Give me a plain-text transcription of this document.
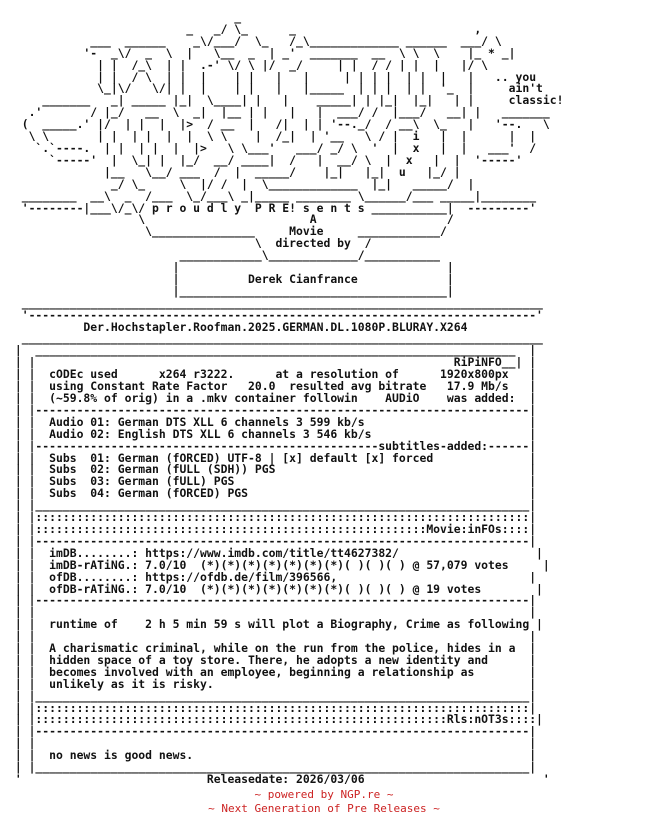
_
_   _/ \_      _                          ,
___  ______    _\/___/  \_   /_\_____________ ______  ___/ \
'-  _\/  _  \  |   \__  _  | _'  _______  __  \ \  \    |_ * _|
| |  /_\  | |  .-' \/ \ |/  _/     | |  / / | |  |   |/ \
| |  / \  | |  |    | |   |   |     | | | |  | |  |   |   .. you
\_|\/   \/| |  |    | |   |   |_____  | | |  | |  '_  |     ain't
_______   _| _____ |_|  \____| |   |    _____| | |_|  |_|   | |     classic!
.'       / |_/   __  \  _|  |__ | |   |   |  ___/ /  |___/   __| |   _______
(  _____.' |/  | |  |  |>  / __  |   /|  | | '--._/  / __\  \_   |   '--.   \
\ \       | |  | |  |  |  \ \    |  /_|  | '__   \ / |  i   |  |      |  |
`.`----.  | |  | |  |  |>   \ \___'   ___/ _/ \  '  |  x   |  |   ___'  /
`-----'  |  \_| |  |_/  __/ ____|  /   |  __/ \  |  x   |  |  '-----'
|__   \__/ ___  /  |  _____/    |_|   |_|  u   |_/ |
_/ \_     \  |/ /  |  \_____________  |_|   _____/  |
________  __\  _  /___  \_/___\ _|_____ ________ \______/___ _____|________
'--------|___\/_\/ p r o u d l y  P R E! s e n t s ___________|  ---------'
\                        A                   /
\_______________     Movie     ____________/
\  directed by  /
____________\_____________/___________
|                                       |
|          Derek Cianfrance             |
|_______________________________________|
____________________________________________________________________________
'--------------------------------------------------------------------------'
Der.Hochstapler.Roofman.2025.GERMAN.DL.1080P.BLURAY.X264
____________________________________________________________________________
|  ______________________________________________________________________  |
| |                                                             RiPiNFO__| |
| |  cODEc used      x264 r3222.      at a resolution of      1920x800px   |
| |  using Constant Rate Factor   20.0  resulted avg bitrate   17.9 Mb/s   |
| |  (~59.8% of orig) in a .mkv container followin    AUDiO    was added:  |
| |------------------------------------------------------------------------|
| |  Audio 01: German DTS XLL 6 channels 3 599 kb/s                        |
| |  Audio 02: English DTS XLL 6 channels 3 546 kb/s                       |
| |--------------------------------------------------subtitles-added:------|
| |  Subs  01: German (fORCED) UTF-8 | [x] default [x] forced              |
| |  Subs  02: German (fULL (SDH)) PGS                                     |
| |  Subs  03: German (fULL) PGS                                           |
| |  Subs  04: German (fORCED) PGS                                         |
| |________________________________________________________________________|
| |::::::::::::::::::::::::::::::::::::::::::::::::::::::::::::::::::::::::|
| |:::::::::::::::::::::::::::::::::::::::::::::::::::::::::Movie:inFOs::::|
| |------------------------------------------------------------------------|
| |  imDB........: https://www.imdb.com/title/tt4627382/                    |
| |  imDB-rATiNG.: 7.0/10  (*)(*)(*)(*)(*)(*)(*)( )( )( ) @ 57,079 votes     |
| |  ofDB........: https://ofdb.de/film/396566,                            |
| |  ofDB-rATiNG.: 7.0/10  (*)(*)(*)(*)(*)(*)(*)( )( )( ) @ 19 votes        |
| |------------------------------------------------------------------------|
| |                                                                        |
| |  runtime of    2 h 5 min 59 s will plot a Biography, Crime as following |
| |                                                                        |
| |  A charismatic criminal, while on the run from the police, hides in a  |
| |  hidden space of a toy store. There, he adopts a new identity and      |
| |  becomes involved with an employee, beginning a relationship as        |
| |  unlikely as it is risky.                                              |
| |________________________________________________________________________|
| |::::::::::::::::::::::::::::::::::::::::::::::::::::::::::::::::::::::::|
| |::::::::::::::::::::::::::::::::::::::::::::::::::::::::::::Rls:nOT3s::::|
| |------------------------------------------------------------------------|
| |                                                                        |
| |  no news is good news.                                                 |
| |________________________________________________________________________|
'                           Releasedate: 2026/03/06                          '
~ powered by NGP.re ~
~ Next Generation of Pre Releases ~
